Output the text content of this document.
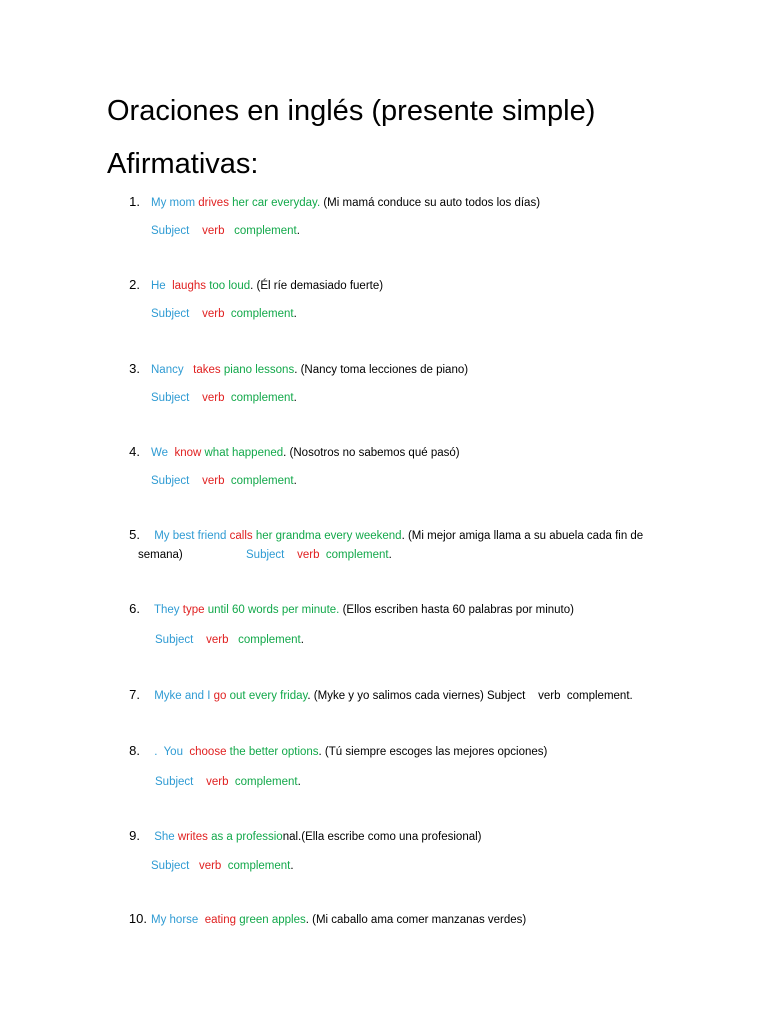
Oraciones en inglés (presente simple)
Afirmativas:
1. My mom drives her car everyday. (Mi mamá conduce su auto todos los días)
Subject    verb   complement.
2. He  laughs too loud. (Él ríe demasiado fuerte)
Subject    verb  complement.
3. Nancy   takes piano lessons. (Nancy toma lecciones de piano)
Subject    verb  complement.
4. We  know what happened. (Nosotros no sabemos qué pasó)
Subject    verb  complement.
5. My best friend calls her grandma every weekend. (Mi mejor amiga llama a su abuela cada fin de
semana)	Subject    verb  complement.
6. They type until 60 words per minute. (Ellos escriben hasta 60 palabras por minuto)
Subject    verb   complement.
7. Myke and I go out every friday. (Myke y yo salimos cada viernes) Subject    verb  complement.
8. .  You  choose the better options. (Tú siempre escoges las mejores opciones)
Subject    verb  complement.
9. She writes as a professional.(Ella escribe como una profesional)
Subject   verb  complement.
10. My horse  eating green apples. (Mi caballo ama comer manzanas verdes)
